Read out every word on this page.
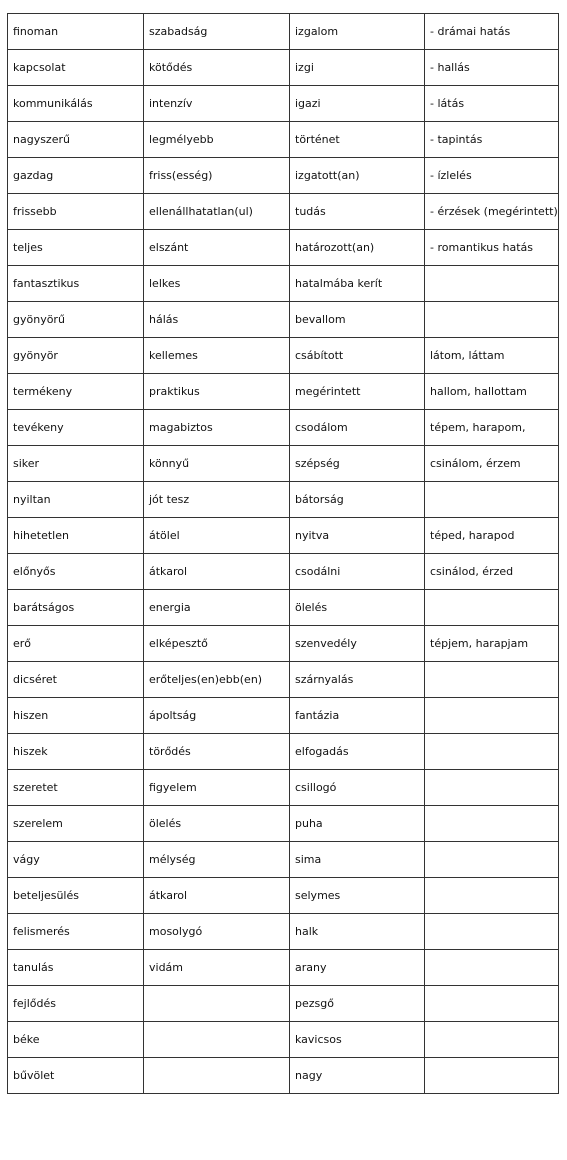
finoman	szabadság	izgalom	- drámai hatás
kapcsolat	kötődés	izgi	- hallás
kommunikálás	intenzív	igazi	- látás
nagyszerű	legmélyebb	történet	- tapintás
gazdag	friss(esség)	izgatott(an)	- ízlelés
frissebb	ellenállhatatlan(ul)	tudás	- érzések (megérintett)
teljes	elszánt	határozott(an)	- romantikus hatás
fantasztikus	lelkes	hatalmába kerít	
gyönyörű	hálás	bevallom	
gyönyör	kellemes	csábított	látom, láttam
termékeny	praktikus	megérintett	hallom, hallottam
tevékeny	magabiztos	csodálom	tépem, harapom,
siker	könnyű	szépség	csinálom, érzem
nyiltan	jót tesz	bátorság	
hihetetlen	átölel	nyitva	téped, harapod
előnyős	átkarol	csodálni	csinálod, érzed
barátságos	energia	ölelés	
erő	elképesztő	szenvedély	tépjem, harapjam
dicséret	erőteljes(en)ebb(en)	szárnyalás	
hiszen	ápoltság	fantázia	
hiszek	törődés	elfogadás	
szeretet	figyelem	csillogó	
szerelem	ölelés	puha	
vágy	mélység	sima	
beteljesülés	átkarol	selymes	
felismerés	mosolygó	halk	
tanulás	vidám	arany	
fejlődés		pezsgő	
béke		kavicsos	
bűvölet		nagy	
